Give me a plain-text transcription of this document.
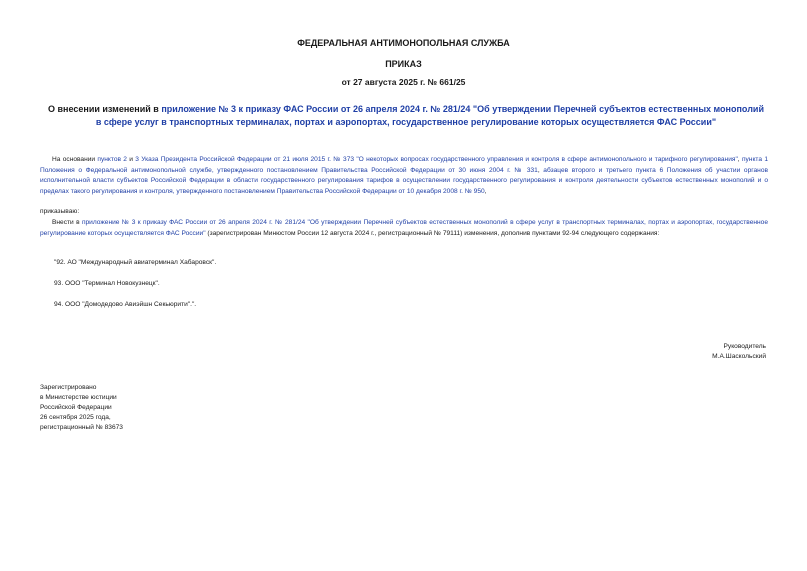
ФЕДЕРАЛЬНАЯ АНТИМОНОПОЛЬНАЯ СЛУЖБА
ПРИКАЗ
от 27 августа 2025 г. № 661/25
О внесении изменений в приложение № 3 к приказу ФАС России от 26 апреля 2024 г. № 281/24 "Об утверждении Перечней субъектов естественных монополий в сфере услуг в транспортных терминалах, портах и аэропортах, государственное регулирование которых осуществляется ФАС России"
На основании пунктов 2 и 3 Указа Президента Российской Федерации от 21 июля 2015 г. № 373 "О некоторых вопросах государственного управления и контроля в сфере антимонопольного и тарифного регулирования", пункта 1 Положения о Федеральной антимонопольной службе, утвержденного постановлением Правительства Российской Федерации от 30 июня 2004 г. № 331, абзацев второго и третьего пункта 6 Положения об участии органов исполнительной власти субъектов Российской Федерации в области государственного регулирования тарифов в осуществлении государственного регулирования и контроля деятельности субъектов естественных монополий и о пределах такого регулирования и контроля, утвержденного постановлением Правительства Российской Федерации от 10 декабря 2008 г. № 950,
приказываю:
Внести в приложение № 3 к приказу ФАС России от 26 апреля 2024 г. № 281/24 "Об утверждении Перечней субъектов естественных монополий в сфере услуг в транспортных терминалах, портах и аэропортах, государственное регулирование которых осуществляется ФАС России" (зарегистрирован Минюстом России 12 августа 2024 г., регистрационный № 79111) изменения, дополнив пунктами 92-94 следующего содержания:
"92. АО "Международный авиатерминал Хабаровск".
93. ООО "Терминал Новокузнецк".
94. ООО "Домодедово Авиэйшн Секьюрити".".
Руководитель
М.А.Шаскольский
Зарегистрировано
в Министерстве юстиции
Российской Федерации
26 сентября 2025 года,
регистрационный № 83673
